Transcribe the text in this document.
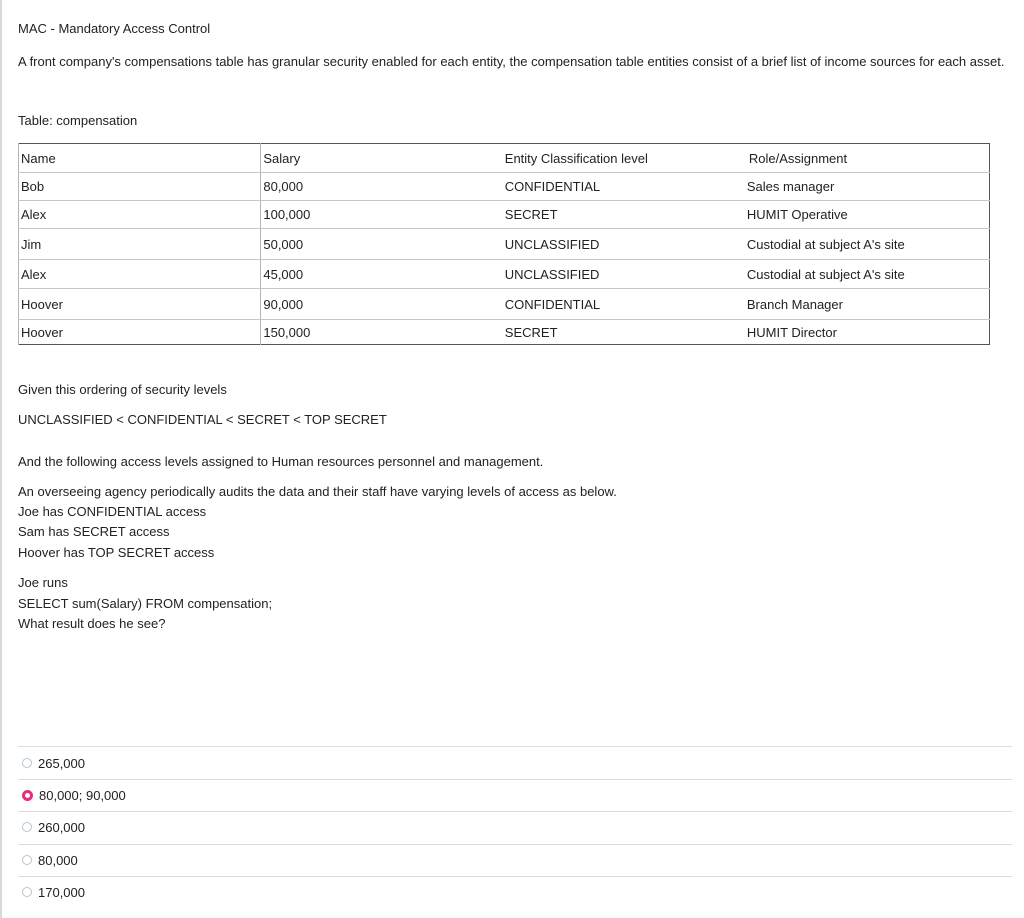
MAC - Mandatory Access Control
A front company's compensations table has granular security enabled for each entity, the compensation table entities consist of a brief list of income sources for each asset.
Table: compensation
Name	Salary	Entity Classification level	Role/Assignment
Bob	80,000	CONFIDENTIAL	Sales manager
Alex	100,000	SECRET	HUMIT Operative
Jim	50,000	UNCLASSIFIED	Custodial at subject A's site
Alex	45,000	UNCLASSIFIED	Custodial at subject A's site
Hoover	90,000	CONFIDENTIAL	Branch Manager
Hoover	150,000	SECRET	HUMIT Director
Given this ordering of security levels
UNCLASSIFIED < CONFIDENTIAL < SECRET < TOP SECRET
And the following access levels assigned to Human resources personnel and management.
An overseeing agency periodically audits the data and their staff have varying levels of access as below.
Joe has CONFIDENTIAL access
Sam has SECRET access
Hoover has TOP SECRET access
Joe runs
SELECT sum(Salary) FROM compensation;
What result does he see?
265,000
80,000; 90,000
260,000
80,000
170,000
